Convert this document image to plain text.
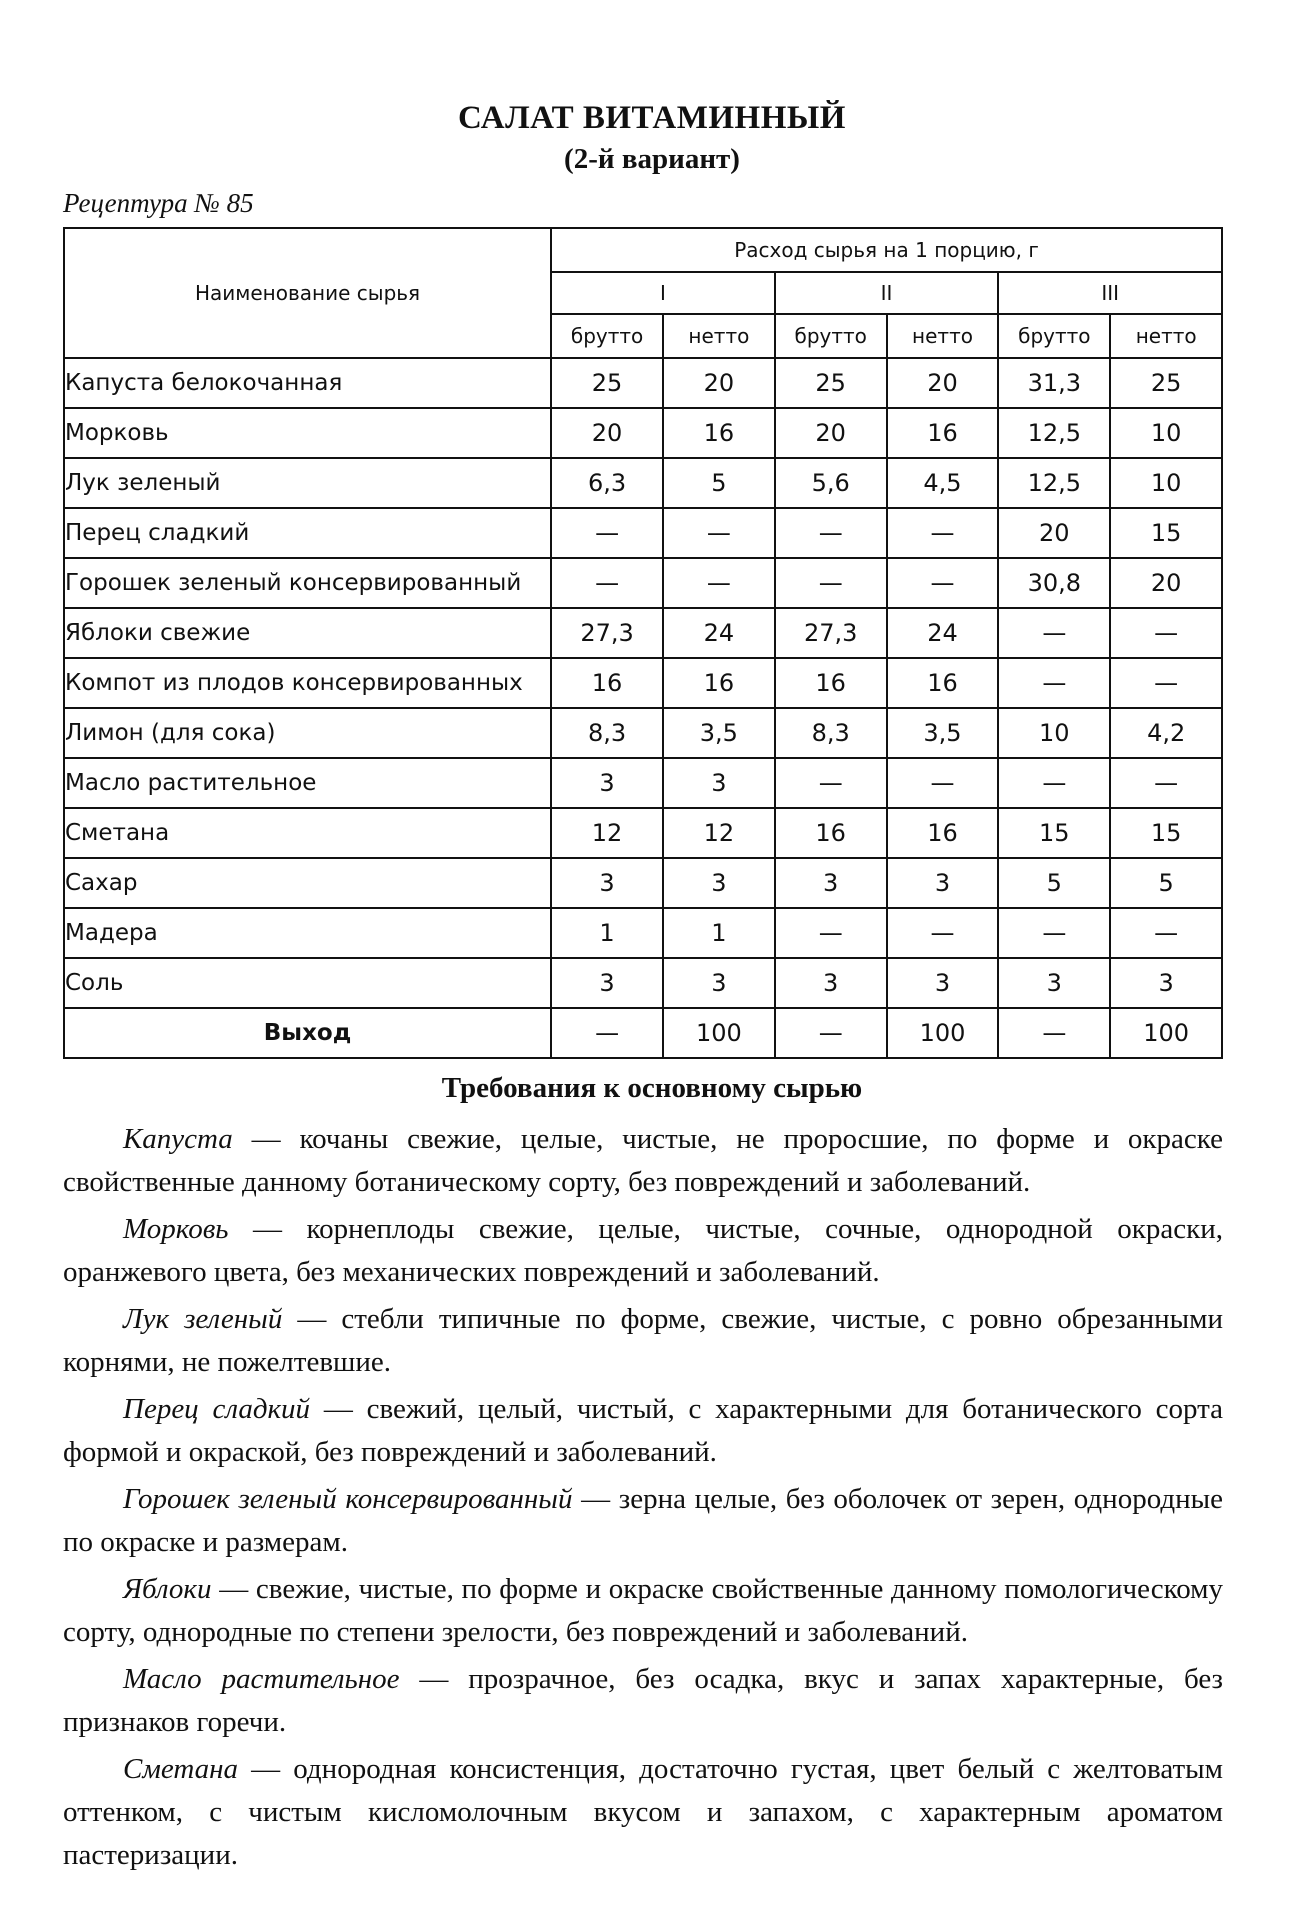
САЛАТ ВИТАМИННЫЙ
(2-й вариант)
Рецептура № 85
Наименование сырья	Расход сырья на 1 порцию, г					
	I		II		III	
	брутто	нетто	брутто	нетто	брутто	нетто
Капуста белокочанная	25	20	25	20	31,3	25
Морковь	20	16	20	16	12,5	10
Лук зеленый	6,3	5	5,6	4,5	12,5	10
Перец сладкий	—	—	—	—	20	15
Горошек зеленый консервированный	—	—	—	—	30,8	20
Яблоки свежие	27,3	24	27,3	24	—	—
Компот из плодов консервированных	16	16	16	16	—	—
Лимон (для сока)	8,3	3,5	8,3	3,5	10	4,2
Масло растительное	3	3	—	—	—	—
Сметана	12	12	16	16	15	15
Сахар	3	3	3	3	5	5
Мадера	1	1	—	—	—	—
Соль	3	3	3	3	3	3
Выход	—	100	—	100	—	100
Требования к основному сырью

Капуста — кочаны свежие, целые, чистые, не проросшие, по форме и окраске свойственные данному ботаническому сорту, без повреждений и заболеваний.

Морковь — корнеплоды свежие, целые, чистые, сочные, однородной окраски, оранжевого цвета, без механических повреждений и заболеваний.

Лук зеленый — стебли типичные по форме, свежие, чистые, с ровно обрезанными корнями, не пожелтевшие.

Перец сладкий — свежий, целый, чистый, с характерными для ботанического сорта формой и окраской, без повреждений и заболеваний.

Горошек зеленый консервированный — зерна целые, без оболочек от зерен, однородные по окраске и размерам.

Яблоки — свежие, чистые, по форме и окраске свойственные данному помологическому сорту, однородные по степени зрелости, без повреждений и заболеваний.

Масло растительное — прозрачное, без осадка, вкус и запах характерные, без признаков горечи.

Сметана — однородная консистенция, достаточно густая, цвет белый с желтоватым оттенком, с чистым кисломолочным вкусом и запахом, с характерным ароматом пастеризации.
